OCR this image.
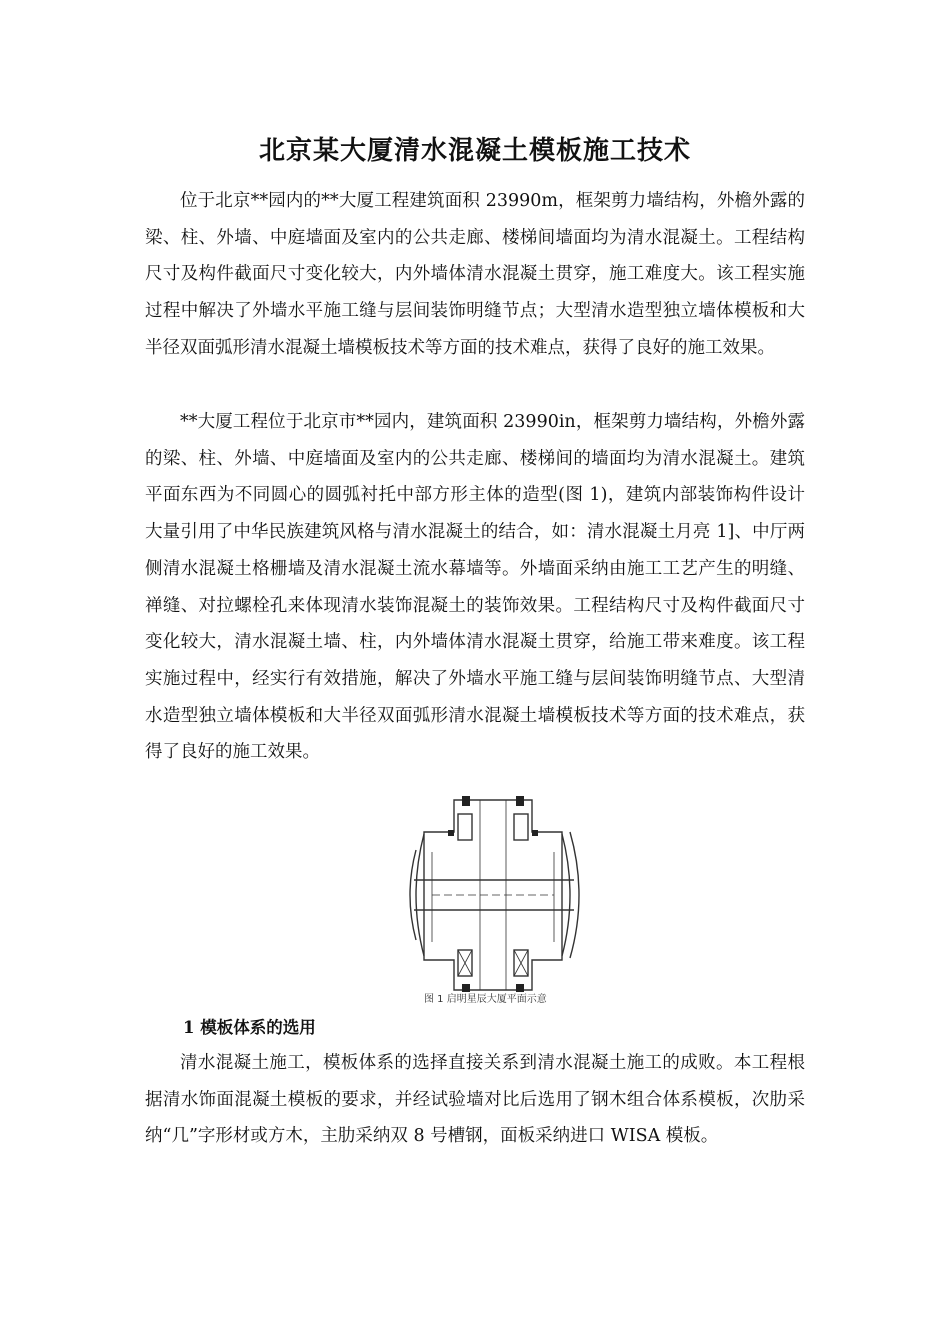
北京某大厦清水混凝土模板施工技术

位于北京**园内的**大厦工程建筑面积 23990m，框架剪力墙结构，外檐外露的梁、柱、外墙、中庭墙面及室内的公共走廊、楼梯间墙面均为清水混凝土。工程结构尺寸及构件截面尺寸变化较大，内外墙体清水混凝土贯穿，施工难度大。该工程实施过程中解决了外墙水平施工缝与层间装饰明缝节点；大型清水造型独立墙体模板和大半径双面弧形清水混凝土墙模板技术等方面的技术难点，获得了良好的施工效果。

**大厦工程位于北京市**园内，建筑面积 23990in，框架剪力墙结构，外檐外露的梁、柱、外墙、中庭墙面及室内的公共走廊、楼梯间的墙面均为清水混凝土。建筑平面东西为不同圆心的圆弧衬托中部方形主体的造型(图 1)，建筑内部装饰构件设计大量引用了中华民族建筑风格与清水混凝土的结合，如：清水混凝土月亮 1]、中厅两侧清水混凝土格栅墙及清水混凝土流水幕墙等。外墙面采纳由施工工艺产生的明缝、禅缝、对拉螺栓孔来体现清水装饰混凝土的装饰效果。工程结构尺寸及构件截面尺寸变化较大，清水混凝土墙、柱，内外墙体清水混凝土贯穿，给施工带来难度。该工程实施过程中，经实行有效措施，解决了外墙水平施工缝与层间装饰明缝节点、大型清水造型独立墙体模板和大半径双面弧形清水混凝土墙模板技术等方面的技术难点，获得了良好的施工效果。

图 1 启明星辰大厦平面示意
1 模板体系的选用

清水混凝土施工，模板体系的选择直接关系到清水混凝土施工的成败。本工程根据清水饰面混凝土模板的要求，并经试验墙对比后选用了钢木组合体系模板，次肋采纳“几”字形材或方木，主肋采纳双 8 号槽钢，面板采纳进口 WISA 模板。
